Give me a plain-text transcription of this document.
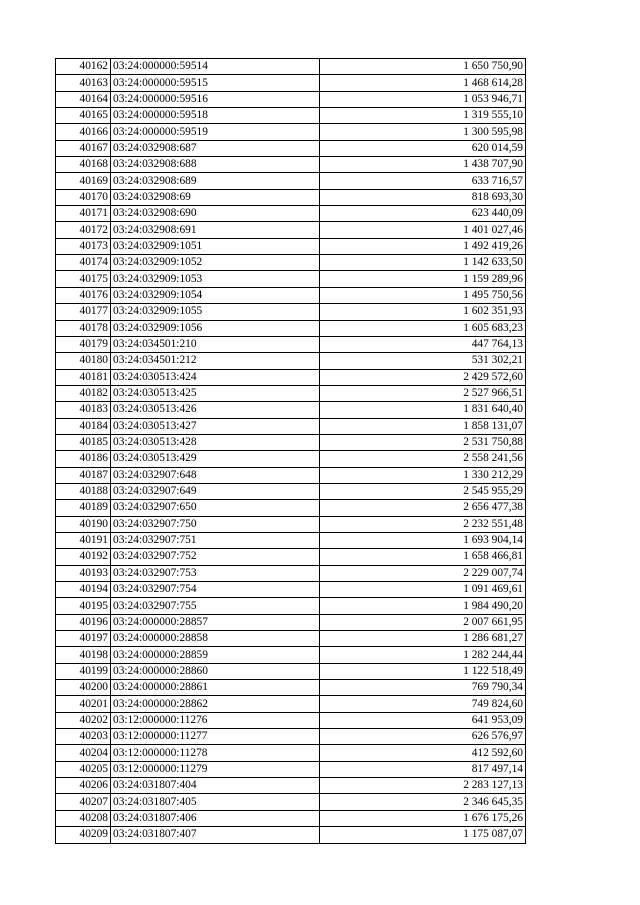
40162	03:24:000000:59514	1 650 750,90
40163	03:24:000000:59515	1 468 614,28
40164	03:24:000000:59516	1 053 946,71
40165	03:24:000000:59518	1 319 555,10
40166	03:24:000000:59519	1 300 595,98
40167	03:24:032908:687	620 014,59
40168	03:24:032908:688	1 438 707,90
40169	03:24:032908:689	633 716,57
40170	03:24:032908:69	818 693,30
40171	03:24:032908:690	623 440,09
40172	03:24:032908:691	1 401 027,46
40173	03:24:032909:1051	1 492 419,26
40174	03:24:032909:1052	1 142 633,50
40175	03:24:032909:1053	1 159 289,96
40176	03:24:032909:1054	1 495 750,56
40177	03:24:032909:1055	1 602 351,93
40178	03:24:032909:1056	1 605 683,23
40179	03:24:034501:210	447 764,13
40180	03:24:034501:212	531 302,21
40181	03:24:030513:424	2 429 572,60
40182	03:24:030513:425	2 527 966,51
40183	03:24:030513:426	1 831 640,40
40184	03:24:030513:427	1 858 131,07
40185	03:24:030513:428	2 531 750,88
40186	03:24:030513:429	2 558 241,56
40187	03:24:032907:648	1 330 212,29
40188	03:24:032907:649	2 545 955,29
40189	03:24:032907:650	2 656 477,38
40190	03:24:032907:750	2 232 551,48
40191	03:24:032907:751	1 693 904,14
40192	03:24:032907:752	1 658 466,81
40193	03:24:032907:753	2 229 007,74
40194	03:24:032907:754	1 091 469,61
40195	03:24:032907:755	1 984 490,20
40196	03:24:000000:28857	2 007 661,95
40197	03:24:000000:28858	1 286 681,27
40198	03:24:000000:28859	1 282 244,44
40199	03:24:000000:28860	1 122 518,49
40200	03:24:000000:28861	769 790,34
40201	03:24:000000:28862	749 824,60
40202	03:12:000000:11276	641 953,09
40203	03:12:000000:11277	626 576,97
40204	03:12:000000:11278	412 592,60
40205	03:12:000000:11279	817 497,14
40206	03:24:031807:404	2 283 127,13
40207	03:24:031807:405	2 346 645,35
40208	03:24:031807:406	1 676 175,26
40209	03:24:031807:407	1 175 087,07
